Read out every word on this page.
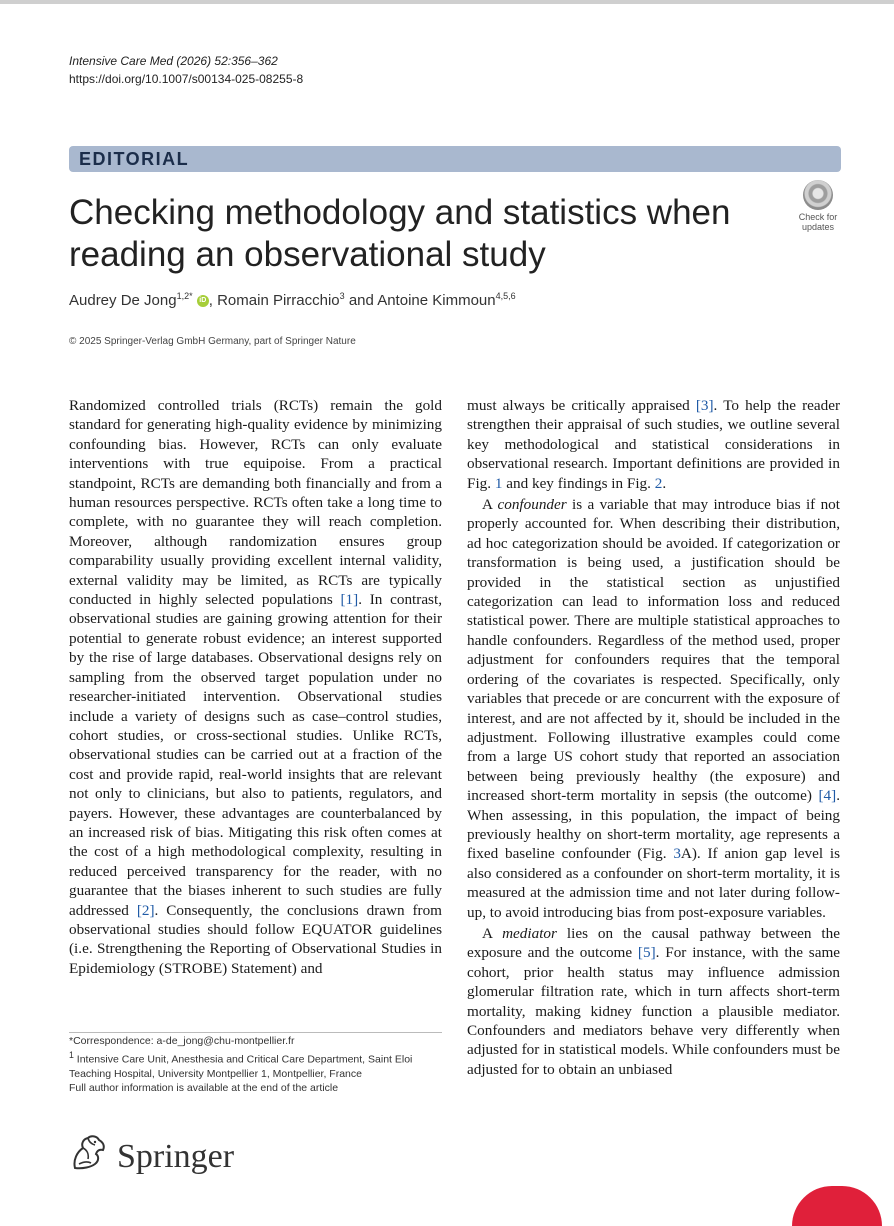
Intensive Care Med (2026) 52:356–362
https://doi.org/10.1007/s00134-025-08255-8
EDITORIAL
Checking methodology and statistics when reading an observational study
Check for
updates
Audrey De Jong$^{1,2*}$ iD , Romain Pirracchio$^3$ and Antoine Kimmoun$^{4,5,6}$
© 2025 Springer-Verlag GmbH Germany, part of Springer Nature

Randomized controlled trials (RCTs) remain the gold standard for generating high-quality evidence by minimizing confounding bias. However, RCTs can only evaluate interventions with true equipoise. From a practical standpoint, RCTs are demanding both financially and from a human resources perspective. RCTs often take a long time to complete, with no guarantee they will reach completion. Moreover, although randomization ensures group comparability usually providing excellent internal validity, external validity may be limited, as RCTs are typically conducted in highly selected populations [1]. In contrast, observational studies are gaining growing attention for their potential to generate robust evidence; an interest supported by the rise of large databases. Observational designs rely on sampling from the observed target population under no researcher-initiated intervention. Observational studies include a variety of designs such as case–control studies, cohort studies, or cross-sectional studies. Unlike RCTs, observational studies can be carried out at a fraction of the cost and provide rapid, real-world insights that are relevant not only to clinicians, but also to patients, regulators, and payers. However, these advantages are counterbalanced by an increased risk of bias. Mitigating this risk often comes at the cost of a high methodological complexity, resulting in reduced perceived transparency for the reader, with no guarantee that the biases inherent to such studies are fully addressed [2]. Consequently, the conclusions drawn from observational studies should follow EQUATOR guidelines (i.e. Strengthening the Reporting of Observational Studies in Epidemiology (STROBE) Statement) and

must always be critically appraised [3]. To help the reader strengthen their appraisal of such studies, we outline several key methodological and statistical considerations in observational research. Important definitions are provided in Fig. 1 and key findings in Fig. 2.

A confounder is a variable that may introduce bias if not properly accounted for. When describing their distribution, ad hoc categorization should be avoided. If categorization or transformation is being used, a justification should be provided in the statistical section as unjustified categorization can lead to information loss and reduced statistical power. There are multiple statistical approaches to handle confounders. Regardless of the method used, proper adjustment for confounders requires that the temporal ordering of the covariates is respected. Specifically, only variables that precede or are concurrent with the exposure of interest, and are not affected by it, should be included in the adjustment. Following illustrative examples could come from a large US cohort study that reported an association between being previously healthy (the exposure) and increased short-term mortality in sepsis (the outcome) [4]. When assessing, in this population, the impact of being previously healthy on short-term mortality, age represents a fixed baseline confounder (Fig. 3A). If anion gap level is also considered as a confounder on short-term mortality, it is measured at the admission time and not later during follow-up, to avoid introducing bias from post-exposure variables.

A mediator lies on the causal pathway between the exposure and the outcome [5]. For instance, with the same cohort, prior health status may influence admission glomerular filtration rate, which in turn affects short-term mortality, making kidney function a plausible mediator. Confounders and mediators behave very differently when adjusted for in statistical models. While confounders must be adjusted for to obtain an unbiased

*Correspondence: a-de_jong@chu-montpellier.fr
$^1$ Intensive Care Unit, Anesthesia and Critical Care Department, Saint Eloi Teaching Hospital, University Montpellier 1, Montpellier, France
Full author information is available at the end of the article
Springer
